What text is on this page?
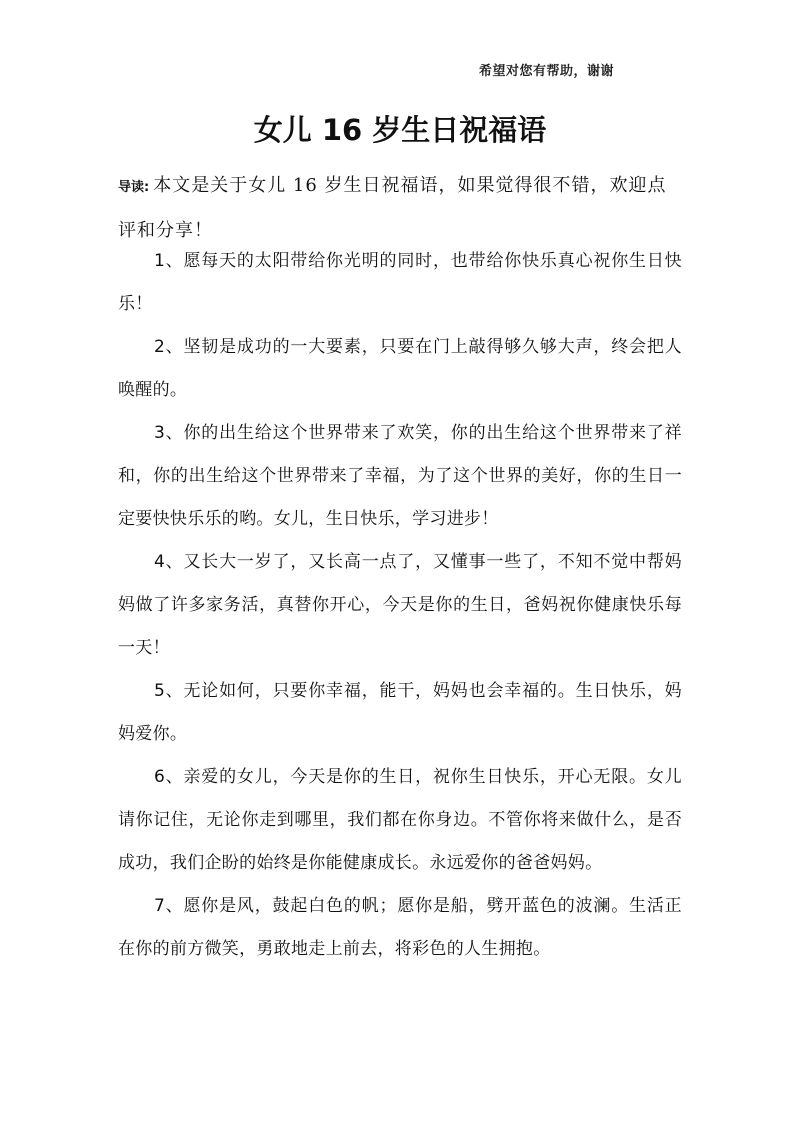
希望对您有帮助，谢谢
女儿 16 岁生日祝福语

导读: 本文是关于女儿 16 岁生日祝福语，如果觉得很不错，欢迎点评和分享！

1、愿每天的太阳带给你光明的同时，也带给你快乐真心祝你生日快乐！

2、坚韧是成功的一大要素，只要在门上敲得够久够大声，终会把人唤醒的。

3、你的出生给这个世界带来了欢笑，你的出生给这个世界带来了祥和，你的出生给这个世界带来了幸福，为了这个世界的美好，你的生日一定要快快乐乐的哟。女儿，生日快乐，学习进步！

4、又长大一岁了，又长高一点了，又懂事一些了，不知不觉中帮妈妈做了许多家务活，真替你开心，今天是你的生日，爸妈祝你健康快乐每一天！

5、无论如何，只要你幸福，能干，妈妈也会幸福的。生日快乐，妈妈爱你。

6、亲爱的女儿，今天是你的生日，祝你生日快乐，开心无限。女儿请你记住，无论你走到哪里，我们都在你身边。不管你将来做什么，是否成功，我们企盼的始终是你能健康成长。永远爱你的爸爸妈妈。

7、愿你是风，鼓起白色的帆；愿你是船，劈开蓝色的波澜。生活正在你的前方微笑，勇敢地走上前去，将彩色的人生拥抱。
